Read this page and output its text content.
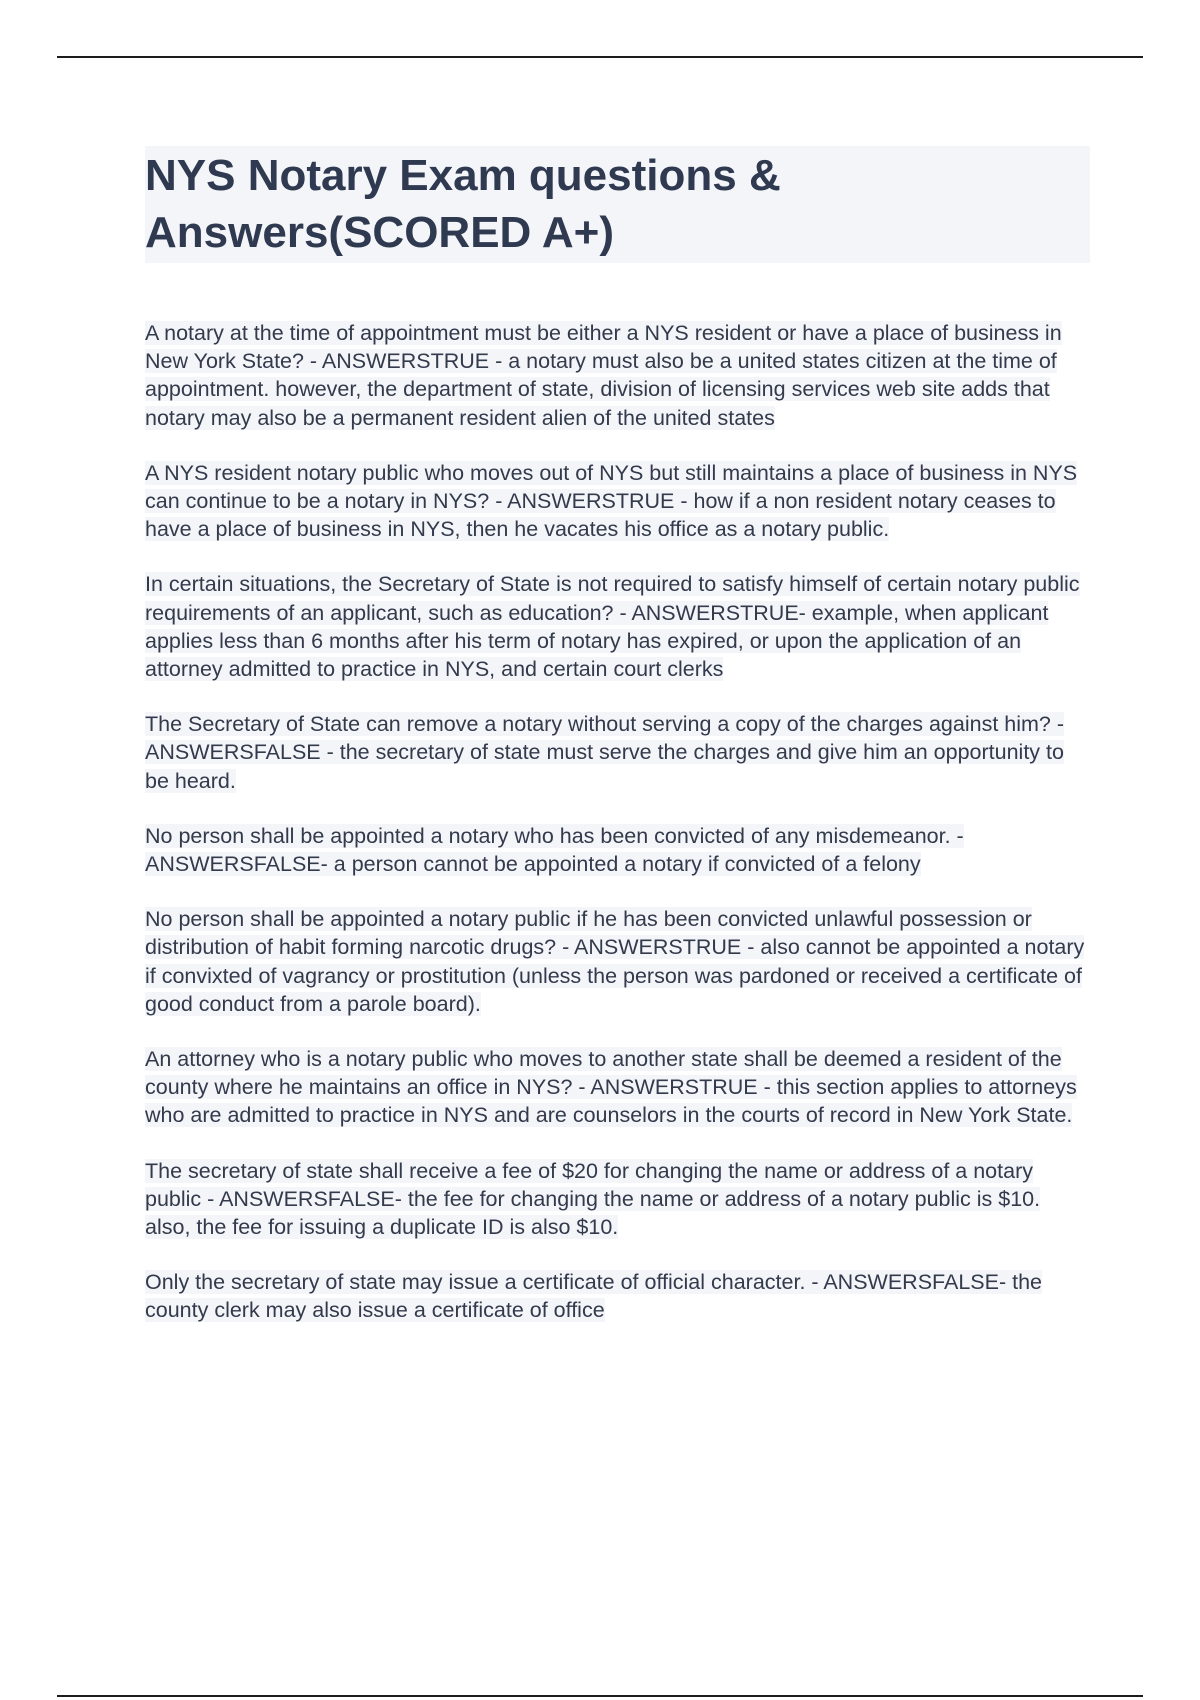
NYS Notary Exam questions & Answers(SCORED A+)

A notary at the time of appointment must be either a NYS resident or have a place of business in New York State? - ANSWERSTRUE - a notary must also be a united states citizen at the time of appointment. however, the department of state, division of licensing services web site adds that notary may also be a permanent resident alien of the united states

A NYS resident notary public who moves out of NYS but still maintains a place of business in NYS can continue to be a notary in NYS? - ANSWERSTRUE - how if a non resident notary ceases to have a place of business in NYS, then he vacates his office as a notary public.

In certain situations, the Secretary of State is not required to satisfy himself of certain notary public requirements of an applicant, such as education? - ANSWERSTRUE- example, when applicant applies less than 6 months after his term of notary has expired, or upon the application of an attorney admitted to practice in NYS, and certain court clerks

The Secretary of State can remove a notary without serving a copy of the charges against him? - ANSWERSFALSE - the secretary of state must serve the charges and give him an opportunity to be heard.

No person shall be appointed a notary who has been convicted of any misdemeanor. - ANSWERSFALSE- a person cannot be appointed a notary if convicted of a felony

No person shall be appointed a notary public if he has been convicted unlawful possession or distribution of habit forming narcotic drugs? - ANSWERSTRUE - also cannot be appointed a notary if convixted of vagrancy or prostitution (unless the person was pardoned or received a certificate of good conduct from a parole board).

An attorney who is a notary public who moves to another state shall be deemed a resident of the county where he maintains an office in NYS? - ANSWERSTRUE - this section applies to attorneys who are admitted to practice in NYS and are counselors in the courts of record in New York State.

The secretary of state shall receive a fee of $20 for changing the name or address of a notary public - ANSWERSFALSE- the fee for changing the name or address of a notary public is $10. also, the fee for issuing a duplicate ID is also $10.

Only the secretary of state may issue a certificate of official character. - ANSWERSFALSE- the county clerk may also issue a certificate of office
